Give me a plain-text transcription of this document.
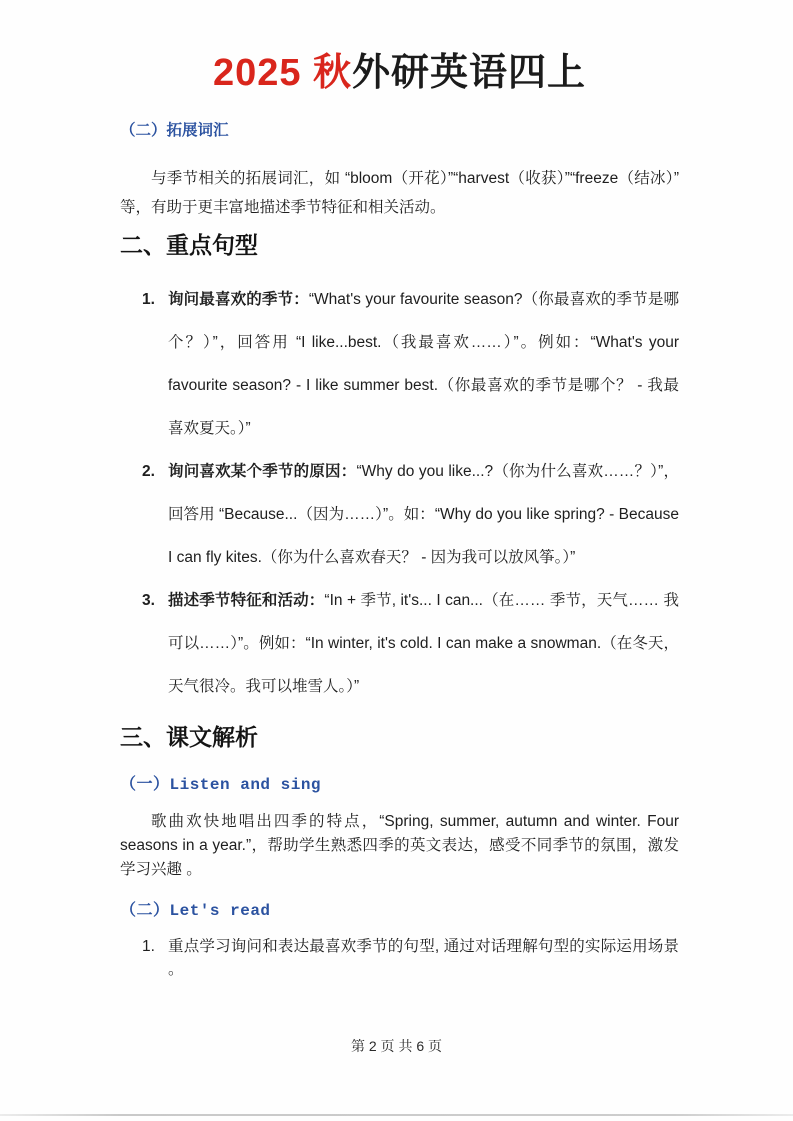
2025 秋外研英语四上
（二）拓展词汇

与季节相关的拓展词汇，如 “bloom（开花）”“harvest（收获）”“freeze（结冰）” 等，有助于更丰富地描述季节特征和相关活动。

二、重点句型
1. 询问最喜欢的季节：“What's your favourite season?（你最喜欢的季节是哪个？）”，回答用 “I like...best.（我最喜欢……）”。例如：“What's your favourite season? - I like summer best.（你最喜欢的季节是哪个？ - 我最喜欢夏天。）”
2. 询问喜欢某个季节的原因：“Why do you like...?（你为什么喜欢……？）”，回答用 “Because...（因为……）”。如：“Why do you like spring? - Because I can fly kites.（你为什么喜欢春天？ - 因为我可以放风筝。）”
3. 描述季节特征和活动：“In + 季节, it's... I can...（在…… 季节，天气…… 我可以……）”。例如：“In winter, it's cold. I can make a snowman.（在冬天，天气很冷。我可以堆雪人。）”
三、课文解析
（一）Listen and sing

歌曲欢快地唱出四季的特点，“Spring, summer, autumn and winter. Four seasons in a year.”，帮助学生熟悉四季的英文表达，感受不同季节的氛围，激发学习兴趣 。

（二）Let's read
1. 重点学习询问和表达最喜欢季节的句型, 通过对话理解句型的实际运用场景 。
第 2 页 共 6 页
